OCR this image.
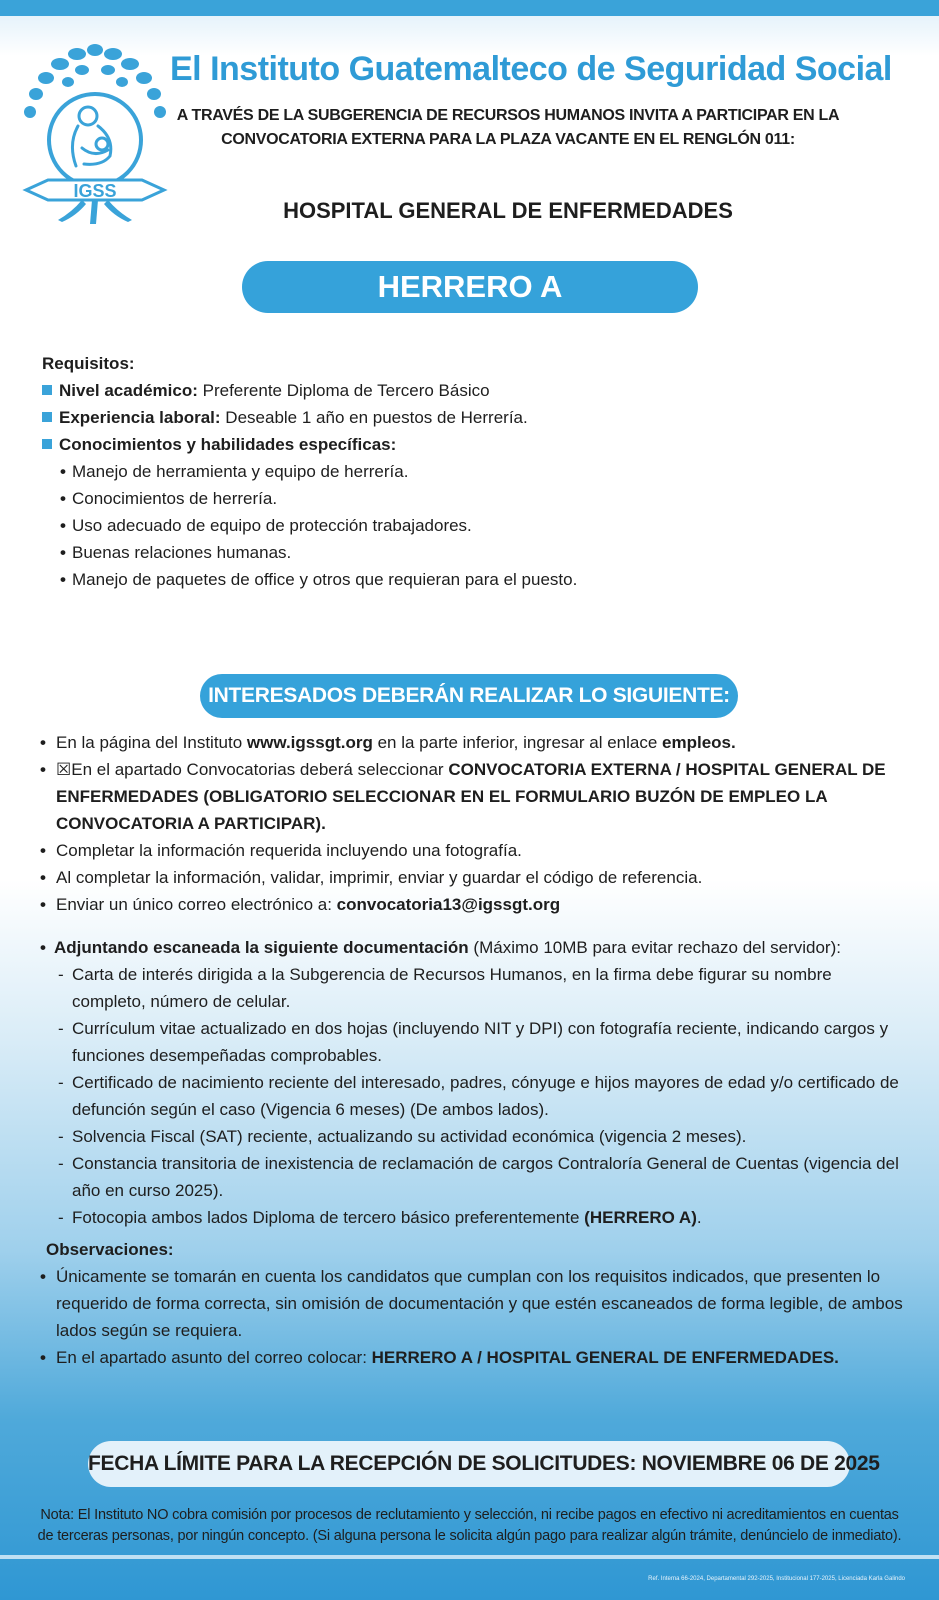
IGSS
El Instituto Guatemalteco de Seguridad Social
A TRAVÉS DE LA SUBGERENCIA DE RECURSOS HUMANOS INVITA A PARTICIPAR EN LA
CONVOCATORIA EXTERNA PARA LA PLAZA VACANTE EN EL RENGLÓN 011:
HOSPITAL GENERAL DE ENFERMEDADES
HERRERO A
Requisitos:
Nivel académico: Preferente Diploma de Tercero Básico
Experiencia laboral: Deseable 1 año en puestos de Herrería.
Conocimientos y habilidades específicas:
• Manejo de herramienta y equipo de herrería.
• Conocimientos de herrería.
• Uso adecuado de equipo de protección trabajadores.
• Buenas relaciones humanas.
• Manejo de paquetes de office y otros que requieran para el puesto.
INTERESADOS DEBERÁN REALIZAR LO SIGUIENTE:
• En la página del Instituto www.igssgt.org en la parte inferior, ingresar al enlace empleos.
• ☒En el apartado Convocatorias deberá seleccionar CONVOCATORIA EXTERNA / HOSPITAL GENERAL DE ENFERMEDADES (OBLIGATORIO SELECCIONAR EN EL FORMULARIO BUZÓN DE EMPLEO LA CONVOCATORIA A PARTICIPAR).
• Completar la información requerida incluyendo una fotografía.
• Al completar la información, validar, imprimir, enviar y guardar el código de referencia.
• Enviar un único correo electrónico a: convocatoria13@igssgt.org
• Adjuntando escaneada la siguiente documentación (Máximo 10MB para evitar rechazo del servidor):
- Carta de interés dirigida a la Subgerencia de Recursos Humanos, en la firma debe figurar su nombre completo, número de celular.
- Currículum vitae actualizado en dos hojas (incluyendo NIT y DPI) con fotografía reciente, indicando cargos y funciones desempeñadas comprobables.
- Certificado de nacimiento reciente del interesado, padres, cónyuge e hijos mayores de edad y/o certificado de defunción según el caso (Vigencia 6 meses) (De ambos lados).
- Solvencia Fiscal (SAT) reciente, actualizando su actividad económica (vigencia 2 meses).
- Constancia transitoria de inexistencia de reclamación de cargos Contraloría General de Cuentas (vigencia del año en curso 2025).
- Fotocopia ambos lados Diploma de tercero básico preferentemente (HERRERO A).
Observaciones:
• Únicamente se tomarán en cuenta los candidatos que cumplan con los requisitos indicados, que presenten lo requerido de forma correcta, sin omisión de documentación y que estén escaneados de forma legible, de ambos lados según se requiera.
• En el apartado asunto del correo colocar: HERRERO A / HOSPITAL GENERAL DE ENFERMEDADES.
FECHA LÍMITE PARA LA RECEPCIÓN DE SOLICITUDES: NOVIEMBRE 06 DE 2025
Nota: El Instituto NO cobra comisión por procesos de reclutamiento y selección, ni recibe pagos en efectivo ni acreditamientos en cuentas
de terceras personas, por ningún concepto. (Si alguna persona le solicita algún pago para realizar algún trámite, denúncielo de inmediato).
Ref. Interna 66-2024, Departamental 292-2025, Institucional 177-2025, Licenciada Karla Galindo
